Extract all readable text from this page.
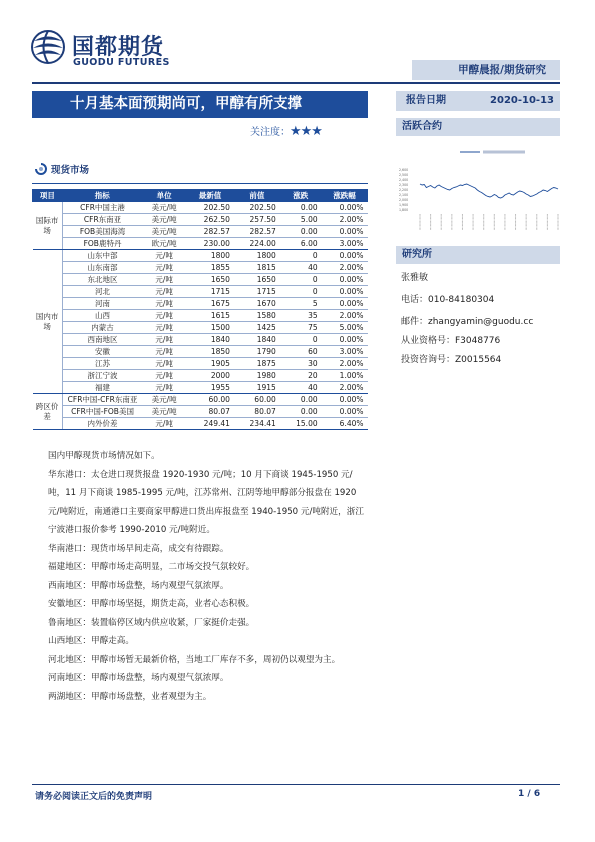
国都期货
GUODU FUTURES
甲醇晨报/期货研究
十月基本面预期尚可，甲醇有所支撑
关注度：★★★
报告日期	2020-10-13
活跃合约
2,600
2,500
2,400
2,300
2,200
2,100
2,000
1,900
1,800
研究所
张雅敏
电话：010-84180304
邮件：zhangyamin@guodu.cc
从业资格号：F3048776
投资咨询号：Z0015564
现货市场
项目	指标	单位	最新值	前值	涨跌	涨跌幅
国际市场	CFR中国主港	美元/吨	202.50	202.50	0.00	0.00%
	CFR东南亚	美元/吨	262.50	257.50	5.00	2.00%
	FOB美国海湾	美元/吨	282.57	282.57	0.00	0.00%
	FOB鹿特丹	欧元/吨	230.00	224.00	6.00	3.00%
国内市场	山东中部	元/吨	1800	1800	0	0.00%
	山东南部	元/吨	1855	1815	40	2.00%
	东北地区	元/吨	1650	1650	0	0.00%
	河北	元/吨	1715	1715	0	0.00%
	河南	元/吨	1675	1670	5	0.00%
	山西	元/吨	1615	1580	35	2.00%
	内蒙古	元/吨	1500	1425	75	5.00%
	西南地区	元/吨	1840	1840	0	0.00%
	安徽	元/吨	1850	1790	60	3.00%
	江苏	元/吨	1905	1875	30	2.00%
	浙江宁波	元/吨	2000	1980	20	1.00%
	福建	元/吨	1955	1915	40	2.00%
跨区价差	CFR中国-CFR东南亚	美元/吨	60.00	60.00	0.00	0.00%
	CFR中国-FOB美国	美元/吨	80.07	80.07	0.00	0.00%
	内外价差	元/吨	249.41	234.41	15.00	6.40%

国内甲醇现货市场情况如下。

华东港口：太仓进口现货报盘 1920-1930 元/吨；10 月下商谈 1945-1950 元/吨，11 月下商谈 1985-1995 元/吨，江苏常州、江阴等地甲醇部分报盘在 1920 元/吨附近，南通港口主要商家甲醇进口货出库报盘至 1940-1950 元/吨附近，浙江宁波港口报价参考 1990-2010 元/吨附近。

华南港口：现货市场早间走高，成交有待跟踪。

福建地区：甲醇市场走高明显，二市场交投气氛较好。

西南地区：甲醇市场盘整，场内观望气氛浓厚。

安徽地区：甲醇市场坚挺，期货走高，业者心态积极。

鲁南地区：装置临停区域内供应收紧，厂家挺价走强。

山西地区：甲醇走高。

河北地区：甲醇市场暂无最新价格，当地工厂库存不多，周初仍以观望为主。

河南地区：甲醇市场盘整，场内观望气氛浓厚。

两湖地区：甲醇市场盘整，业者观望为主。

请务必阅读正文后的免责声明	1 / 6
